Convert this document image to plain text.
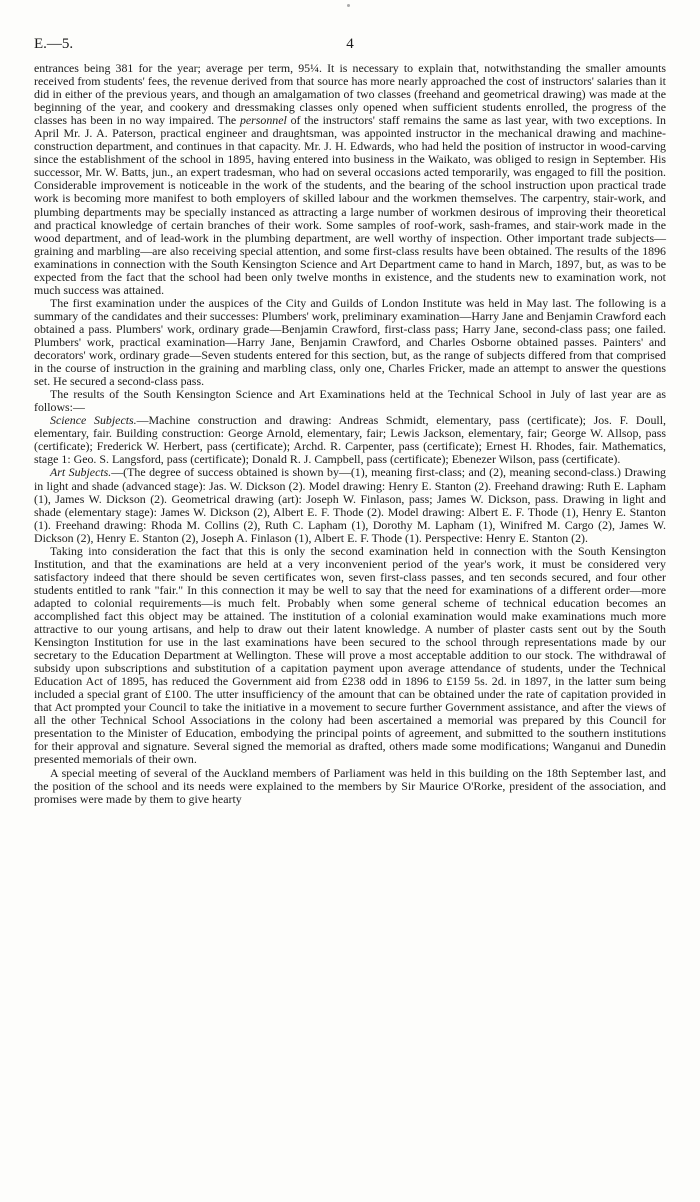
4
E.—5.

entrances being 381 for the year; average per term, 95¼. It is necessary to explain that, notwithstanding the smaller amounts received from students' fees, the revenue derived from that source has more nearly approached the cost of instructors' salaries than it did in either of the previous years, and though an amalgamation of two classes (freehand and geometrical drawing) was made at the beginning of the year, and cookery and dressmaking classes only opened when sufficient students enrolled, the progress of the classes has been in no way impaired. The personnel of the instructors' staff remains the same as last year, with two exceptions. In April Mr. J. A. Paterson, practical engineer and draughtsman, was appointed instructor in the mechanical drawing and machine-construction department, and continues in that capacity. Mr. J. H. Edwards, who had held the position of instructor in wood-carving since the establishment of the school in 1895, having entered into business in the Waikato, was obliged to resign in September. His successor, Mr. W. Batts, jun., an expert tradesman, who had on several occasions acted temporarily, was engaged to fill the position. Considerable improvement is noticeable in the work of the students, and the bearing of the school instruction upon practical trade work is becoming more manifest to both employers of skilled labour and the workmen themselves. The carpentry, stair-work, and plumbing departments may be specially instanced as attracting a large number of workmen desirous of improving their theoretical and practical knowledge of certain branches of their work. Some samples of roof-work, sash-frames, and stair-work made in the wood department, and of lead-work in the plumbing department, are well worthy of inspection. Other important trade subjects—graining and marbling—are also receiving special attention, and some first-class results have been obtained. The results of the 1896 examinations in connection with the South Kensington Science and Art Department came to hand in March, 1897, but, as was to be expected from the fact that the school had been only twelve months in existence, and the students new to examination work, not much success was attained.

The first examination under the auspices of the City and Guilds of London Institute was held in May last. The following is a summary of the candidates and their successes: Plumbers' work, preliminary examination—Harry Jane and Benjamin Crawford each obtained a pass. Plumbers' work, ordinary grade—Benjamin Crawford, first-class pass; Harry Jane, second-class pass; one failed. Plumbers' work, practical examination—Harry Jane, Benjamin Crawford, and Charles Osborne obtained passes. Painters' and decorators' work, ordinary grade—Seven students entered for this section, but, as the range of subjects differed from that comprised in the course of instruction in the graining and marbling class, only one, Charles Fricker, made an attempt to answer the questions set. He secured a second-class pass.

The results of the South Kensington Science and Art Examinations held at the Technical School in July of last year are as follows:—

Science Subjects.—Machine construction and drawing: Andreas Schmidt, elementary, pass (certificate); Jos. F. Doull, elementary, fair. Building construction: George Arnold, elementary, fair; Lewis Jackson, elementary, fair; George W. Allsop, pass (certificate); Frederick W. Herbert, pass (certificate); Archd. R. Carpenter, pass (certificate); Ernest H. Rhodes, fair. Mathematics, stage 1: Geo. S. Langsford, pass (certificate); Donald R. J. Campbell, pass (certificate); Ebenezer Wilson, pass (certificate).

Art Subjects.—(The degree of success obtained is shown by—(1), meaning first-class; and (2), meaning second-class.) Drawing in light and shade (advanced stage): Jas. W. Dickson (2). Model drawing: Henry E. Stanton (2). Freehand drawing: Ruth E. Lapham (1), James W. Dickson (2). Geometrical drawing (art): Joseph W. Finlason, pass; James W. Dickson, pass. Drawing in light and shade (elementary stage): James W. Dickson (2), Albert E. F. Thode (2). Model drawing: Albert E. F. Thode (1), Henry E. Stanton (1). Freehand drawing: Rhoda M. Collins (2), Ruth C. Lapham (1), Dorothy M. Lapham (1), Winifred M. Cargo (2), James W. Dickson (2), Henry E. Stanton (2), Joseph A. Finlason (1), Albert E. F. Thode (1). Perspective: Henry E. Stanton (2).

Taking into consideration the fact that this is only the second examination held in connection with the South Kensington Institution, and that the examinations are held at a very inconvenient period of the year's work, it must be considered very satisfactory indeed that there should be seven certificates won, seven first-class passes, and ten seconds secured, and four other students entitled to rank "fair." In this connection it may be well to say that the need for examinations of a different order—more adapted to colonial requirements—is much felt. Probably when some general scheme of technical education becomes an accomplished fact this object may be attained. The institution of a colonial examination would make examinations much more attractive to our young artisans, and help to draw out their latent knowledge. A number of plaster casts sent out by the South Kensington Institution for use in the last examinations have been secured to the school through representations made by our secretary to the Education Department at Wellington. These will prove a most acceptable addition to our stock. The withdrawal of subsidy upon subscriptions and substitution of a capitation payment upon average attendance of students, under the Technical Education Act of 1895, has reduced the Government aid from £238 odd in 1896 to £159 5s. 2d. in 1897, in the latter sum being included a special grant of £100. The utter insufficiency of the amount that can be obtained under the rate of capitation provided in that Act prompted your Council to take the initiative in a movement to secure further Government assistance, and after the views of all the other Technical School Associations in the colony had been ascertained a memorial was prepared by this Council for presentation to the Minister of Education, embodying the principal points of agreement, and submitted to the southern institutions for their approval and signature. Several signed the memorial as drafted, others made some modifications; Wanganui and Dunedin presented memorials of their own.

A special meeting of several of the Auckland members of Parliament was held in this building on the 18th September last, and the position of the school and its needs were explained to the members by Sir Maurice O'Rorke, president of the association, and promises were made by them to give hearty
